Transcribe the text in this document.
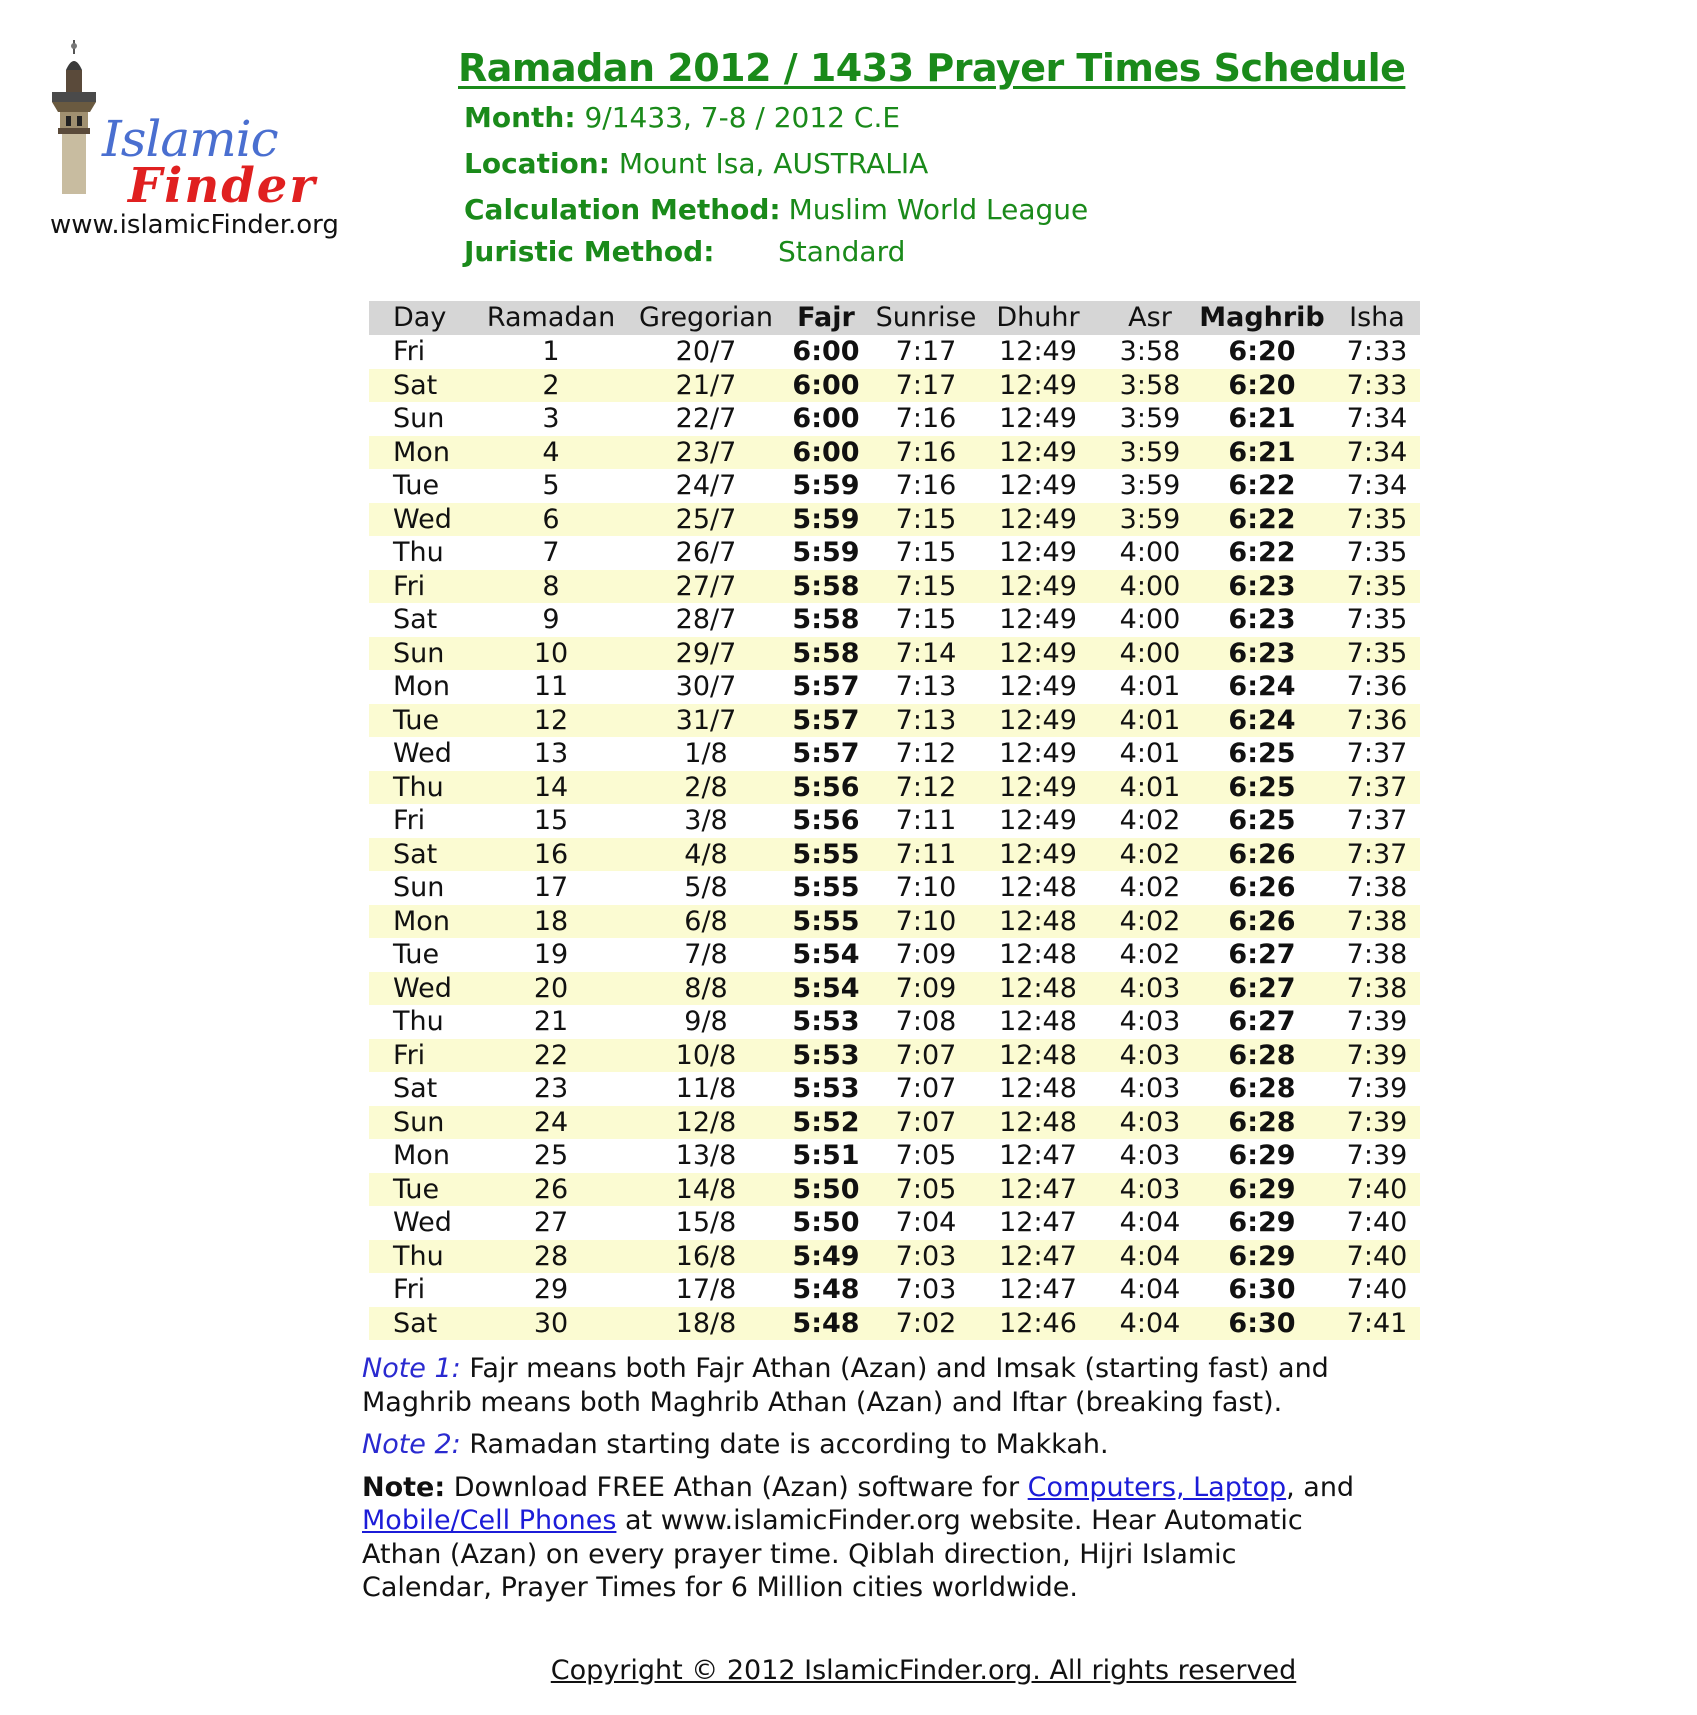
Islamic
Finder
www.islamicFinder.org
Ramadan 2012 / 1433 Prayer Times Schedule
Month: 9/1433, 7-8 / 2012 C.E
Location: Mount Isa, AUSTRALIA
Calculation Method: Muslim World League
Juristic Method: Standard
Day Ramadan Gregorian Fajr Sunrise Dhuhr Asr Maghrib Isha
Fri	1	20/7 6:00 7:17 12:49 3:58 6:20 7:33
Sat	2	21/7 6:00 7:17 12:49 3:58 6:20 7:33
Sun	3	22/7 6:00 7:16 12:49 3:59 6:21 7:34
Mon	4	23/7 6:00 7:16 12:49 3:59 6:21 7:34
Tue	5	24/7 5:59 7:16 12:49 3:59 6:22 7:34
Wed	6	25/7 5:59 7:15 12:49 3:59 6:22 7:35
Thu	7	26/7 5:59 7:15 12:49 4:00 6:22 7:35
Fri	8	27/7 5:58 7:15 12:49 4:00 6:23 7:35
Sat	9	28/7 5:58 7:15 12:49 4:00 6:23 7:35
Sun	10	29/7 5:58 7:14 12:49 4:00 6:23 7:35
Mon	11	30/7 5:57 7:13 12:49 4:01 6:24 7:36
Tue	12	31/7 5:57 7:13 12:49 4:01 6:24 7:36
Wed	13	1/8 5:57 7:12 12:49 4:01 6:25 7:37
Thu	14	2/8 5:56 7:12 12:49 4:01 6:25 7:37
Fri	15	3/8 5:56 7:11 12:49 4:02 6:25 7:37
Sat	16	4/8 5:55 7:11 12:49 4:02 6:26 7:37
Sun	17	5/8 5:55 7:10 12:48 4:02 6:26 7:38
Mon	18	6/8 5:55 7:10 12:48 4:02 6:26 7:38
Tue	19	7/8 5:54 7:09 12:48 4:02 6:27 7:38
Wed	20	8/8 5:54 7:09 12:48 4:03 6:27 7:38
Thu	21	9/8 5:53 7:08 12:48 4:03 6:27 7:39
Fri	22	10/8 5:53 7:07 12:48 4:03 6:28 7:39
Sat	23	11/8 5:53 7:07 12:48 4:03 6:28 7:39
Sun	24	12/8 5:52 7:07 12:48 4:03 6:28 7:39
Mon	25	13/8 5:51 7:05 12:47 4:03 6:29 7:39
Tue	26	14/8 5:50 7:05 12:47 4:03 6:29 7:40
Wed	27	15/8 5:50 7:04 12:47 4:04 6:29 7:40
Thu	28	16/8 5:49 7:03 12:47 4:04 6:29 7:40
Fri	29	17/8 5:48 7:03 12:47 4:04 6:30 7:40
Sat	30	18/8 5:48 7:02 12:46 4:04 6:30 7:41

Note 1: Fajr means both Fajr Athan (Azan) and Imsak (starting fast) and Maghrib means both Maghrib Athan (Azan) and Iftar (breaking fast).

Note 2: Ramadan starting date is according to Makkah.

Note: Download FREE Athan (Azan) software for Computers, Laptop, and Mobile/Cell Phones at www.islamicFinder.org website. Hear Automatic Athan (Azan) on every prayer time. Qiblah direction, Hijri Islamic Calendar, Prayer Times for 6 Million cities worldwide.

Copyright © 2012 IslamicFinder.org. All rights reserved
